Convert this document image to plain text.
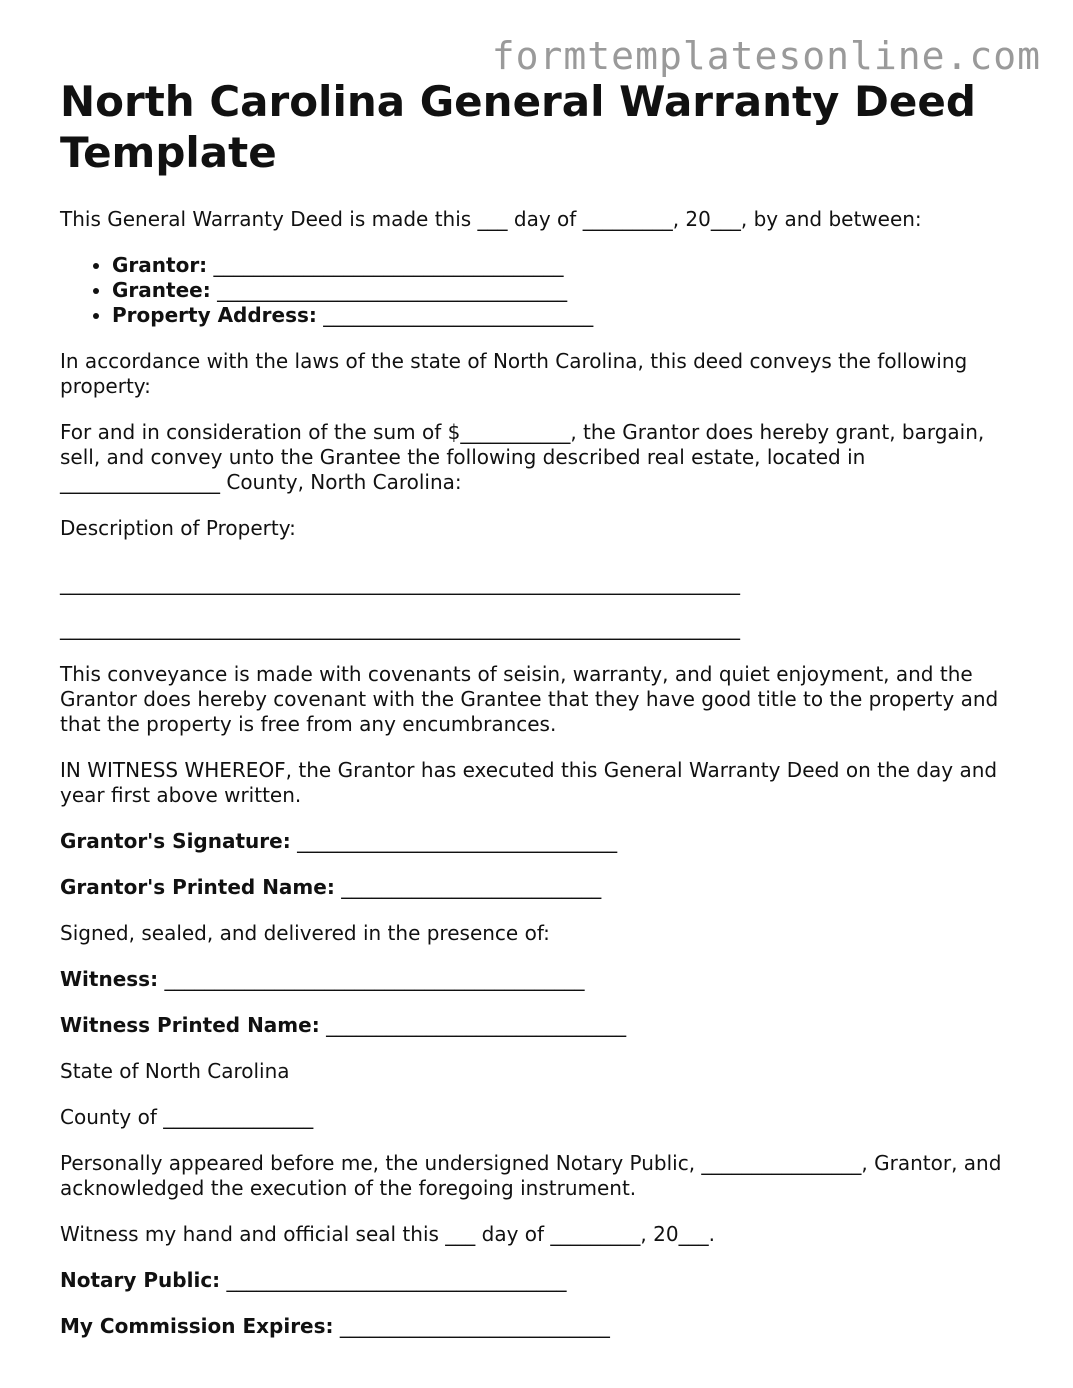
formtemplatesonline.com
North Carolina General Warranty Deed Template

This General Warranty Deed is made this ___ day of _________, 20___, by and between:

• Grantor: ___________________________________
• Grantee: ___________________________________
• Property Address: ___________________________

In accordance with the laws of the state of North Carolina, this deed conveys the following property:

For and in consideration of the sum of $___________, the Grantor does hereby grant, bargain, sell, and convey unto the Grantee the following described real estate, located in ________________ County, North Carolina:

Description of Property:

____________________________________________________________________

____________________________________________________________________

This conveyance is made with covenants of seisin, warranty, and quiet enjoyment, and the Grantor does hereby covenant with the Grantee that they have good title to the property and that the property is free from any encumbrances.

IN WITNESS WHEREOF, the Grantor has executed this General Warranty Deed on the day and year first above written.

Grantor's Signature: ________________________________

Grantor's Printed Name: __________________________

Signed, sealed, and delivered in the presence of:

Witness: __________________________________________

Witness Printed Name: ______________________________

State of North Carolina

County of _______________

Personally appeared before me, the undersigned Notary Public, ________________, Grantor, and acknowledged the execution of the foregoing instrument.

Witness my hand and official seal this ___ day of _________, 20___.

Notary Public: __________________________________

My Commission Expires: ___________________________
